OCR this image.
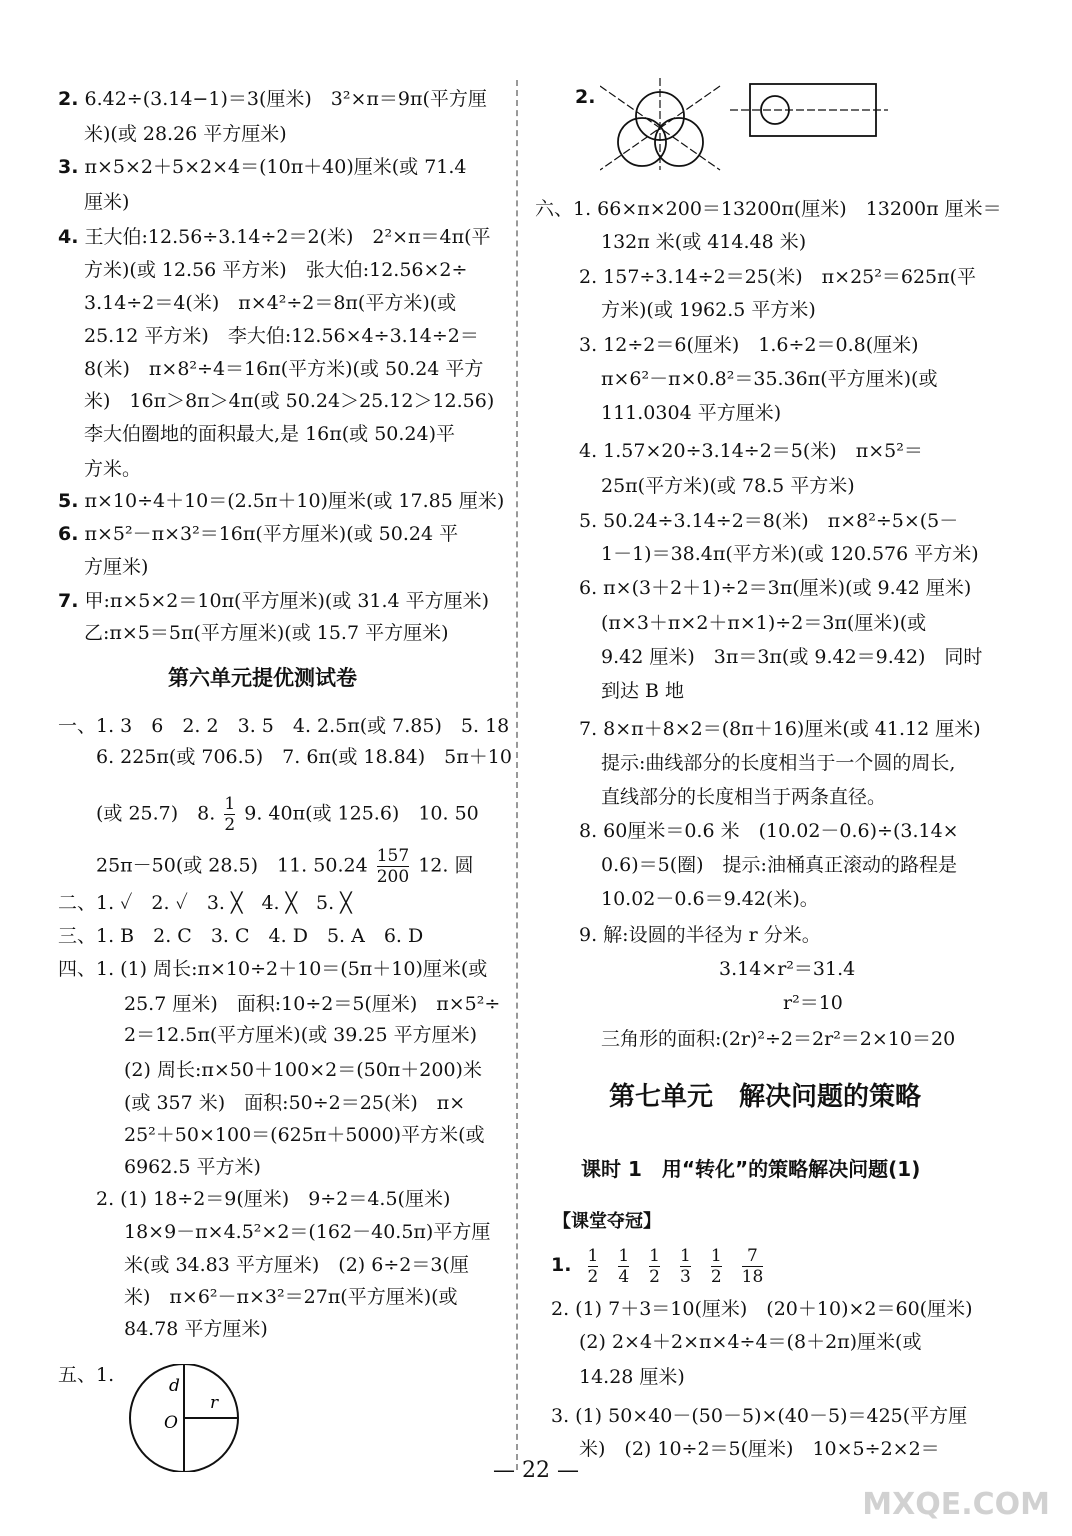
2. 6.42÷(3.14−1)＝3(厘米)　3²×π＝9π(平方厘
米)(或 28.26 平方厘米)
3. π×5×2＋5×2×4＝(10π＋40)厘米(或 71.4
厘米)
4. 王大伯:12.56÷3.14÷2＝2(米)　2²×π＝4π(平
方米)(或 12.56 平方米)　张大伯:12.56×2÷
3.14÷2＝4(米)　π×4²÷2＝8π(平方米)(或
25.12 平方米)　李大伯:12.56×4÷3.14÷2＝
8(米)　π×8²÷4＝16π(平方米)(或 50.24 平方
米)　16π＞8π＞4π(或 50.24＞25.12＞12.56)
李大伯圈地的面积最大,是 16π(或 50.24)平
方米。
5. π×10÷4＋10＝(2.5π＋10)厘米(或 17.85 厘米)
6. π×5²－π×3²＝16π(平方厘米)(或 50.24 平
方厘米)
7. 甲:π×5×2＝10π(平方厘米)(或 31.4 平方厘米)
乙:π×5＝5π(平方厘米)(或 15.7 平方厘米)
第六单元提优测试卷
一、1. 3　6　2. 2　3. 5　4. 2.5π(或 7.85)　5. 18
6. 225π(或 706.5)　7. 6π(或 18.84)　5π＋10
(或 25.7)　8. $\frac{1}{2} 9$. 40π(或 125.6)　10. 50
25π－50(或 28.5)　11. $50.24 \frac{157}{200} 12$. 圆
二、1. ✓　2. ✓　3. ╳　4. ╳　5. ╳
三、1. B　2. C　3. C　4. D　5. A　6. D
四、1. (1) 周长:π×10÷2＋10＝(5π＋10)厘米(或
25.7 厘米)　面积:10÷2＝5(厘米)　π×5²÷
2＝12.5π(平方厘米)(或 39.25 平方厘米)
(2) 周长:π×50＋100×2＝(50π＋200)米
(或 357 米)　面积:50÷2＝25(米)　π×
25²＋50×100＝(625π＋5000)平方米(或
6962.5 平方米)
2. (1) 18÷2＝9(厘米)　9÷2＝4.5(厘米)
18×9－π×4.5²×2＝(162－40.5π)平方厘
米(或 34.83 平方厘米)　(2) 6÷2＝3(厘
米)　π×6²－π×3²＝27π(平方厘米)(或
84.78 平方厘米)
五、1.	d
r
O
2.
六、1. 66×π×200＝13200π(厘米)　13200π 厘米＝
132π 米(或 414.48 米)
2. 157÷3.14÷2＝25(米)　π×25²＝625π(平
方米)(或 1962.5 平方米)
3. 12÷2＝6(厘米)　1.6÷2＝0.8(厘米)
π×6²－π×0.8²＝35.36π(平方厘米)(或
111.0304 平方厘米)
4. 1.57×20÷3.14÷2＝5(米)　π×5²＝
25π(平方米)(或 78.5 平方米)
5. 50.24÷3.14÷2＝8(米)　π×8²÷5×(5－
1－1)＝38.4π(平方米)(或 120.576 平方米)
6. π×(3＋2＋1)÷2＝3π(厘米)(或 9.42 厘米)
(π×3＋π×2＋π×1)÷2＝3π(厘米)(或
9.42 厘米)　3π＝3π(或 9.42＝9.42)　同时
到达 B 地
7. 8×π＋8×2＝(8π＋16)厘米(或 41.12 厘米)
提示:曲线部分的长度相当于一个圆的周长,
直线部分的长度相当于两条直径。
8. 60厘米＝0.6 米　(10.02－0.6)÷(3.14×
0.6)＝5(圈)　提示:油桶真正滚动的路程是
10.02－0.6＝9.42(米)。
9. 解:设圆的半径为 r 分米。
3.14×r²＝31.4
r²＝10
三角形的面积:(2r)²÷2＝2r²＝2×10＝20
第七单元　解决问题的策略
课时 1　用“转化”的策略解决问题(1)
【课堂夺冠】
1. $\frac{1}{2} \frac{1}{4} \frac{1}{2} \frac{1}{3} \frac{1}{2} \frac{7}{18}$
2. (1) 7＋3＝10(厘米)　(20＋10)×2＝60(厘米)
(2) 2×4＋2×π×4÷4＝(8＋2π)厘米(或
14.28 厘米)
3. (1) 50×40－(50－5)×(40－5)＝425(平方厘
米)　(2) 10÷2＝5(厘米)　10×5÷2×2＝
— 22 —
MXQE.COM
